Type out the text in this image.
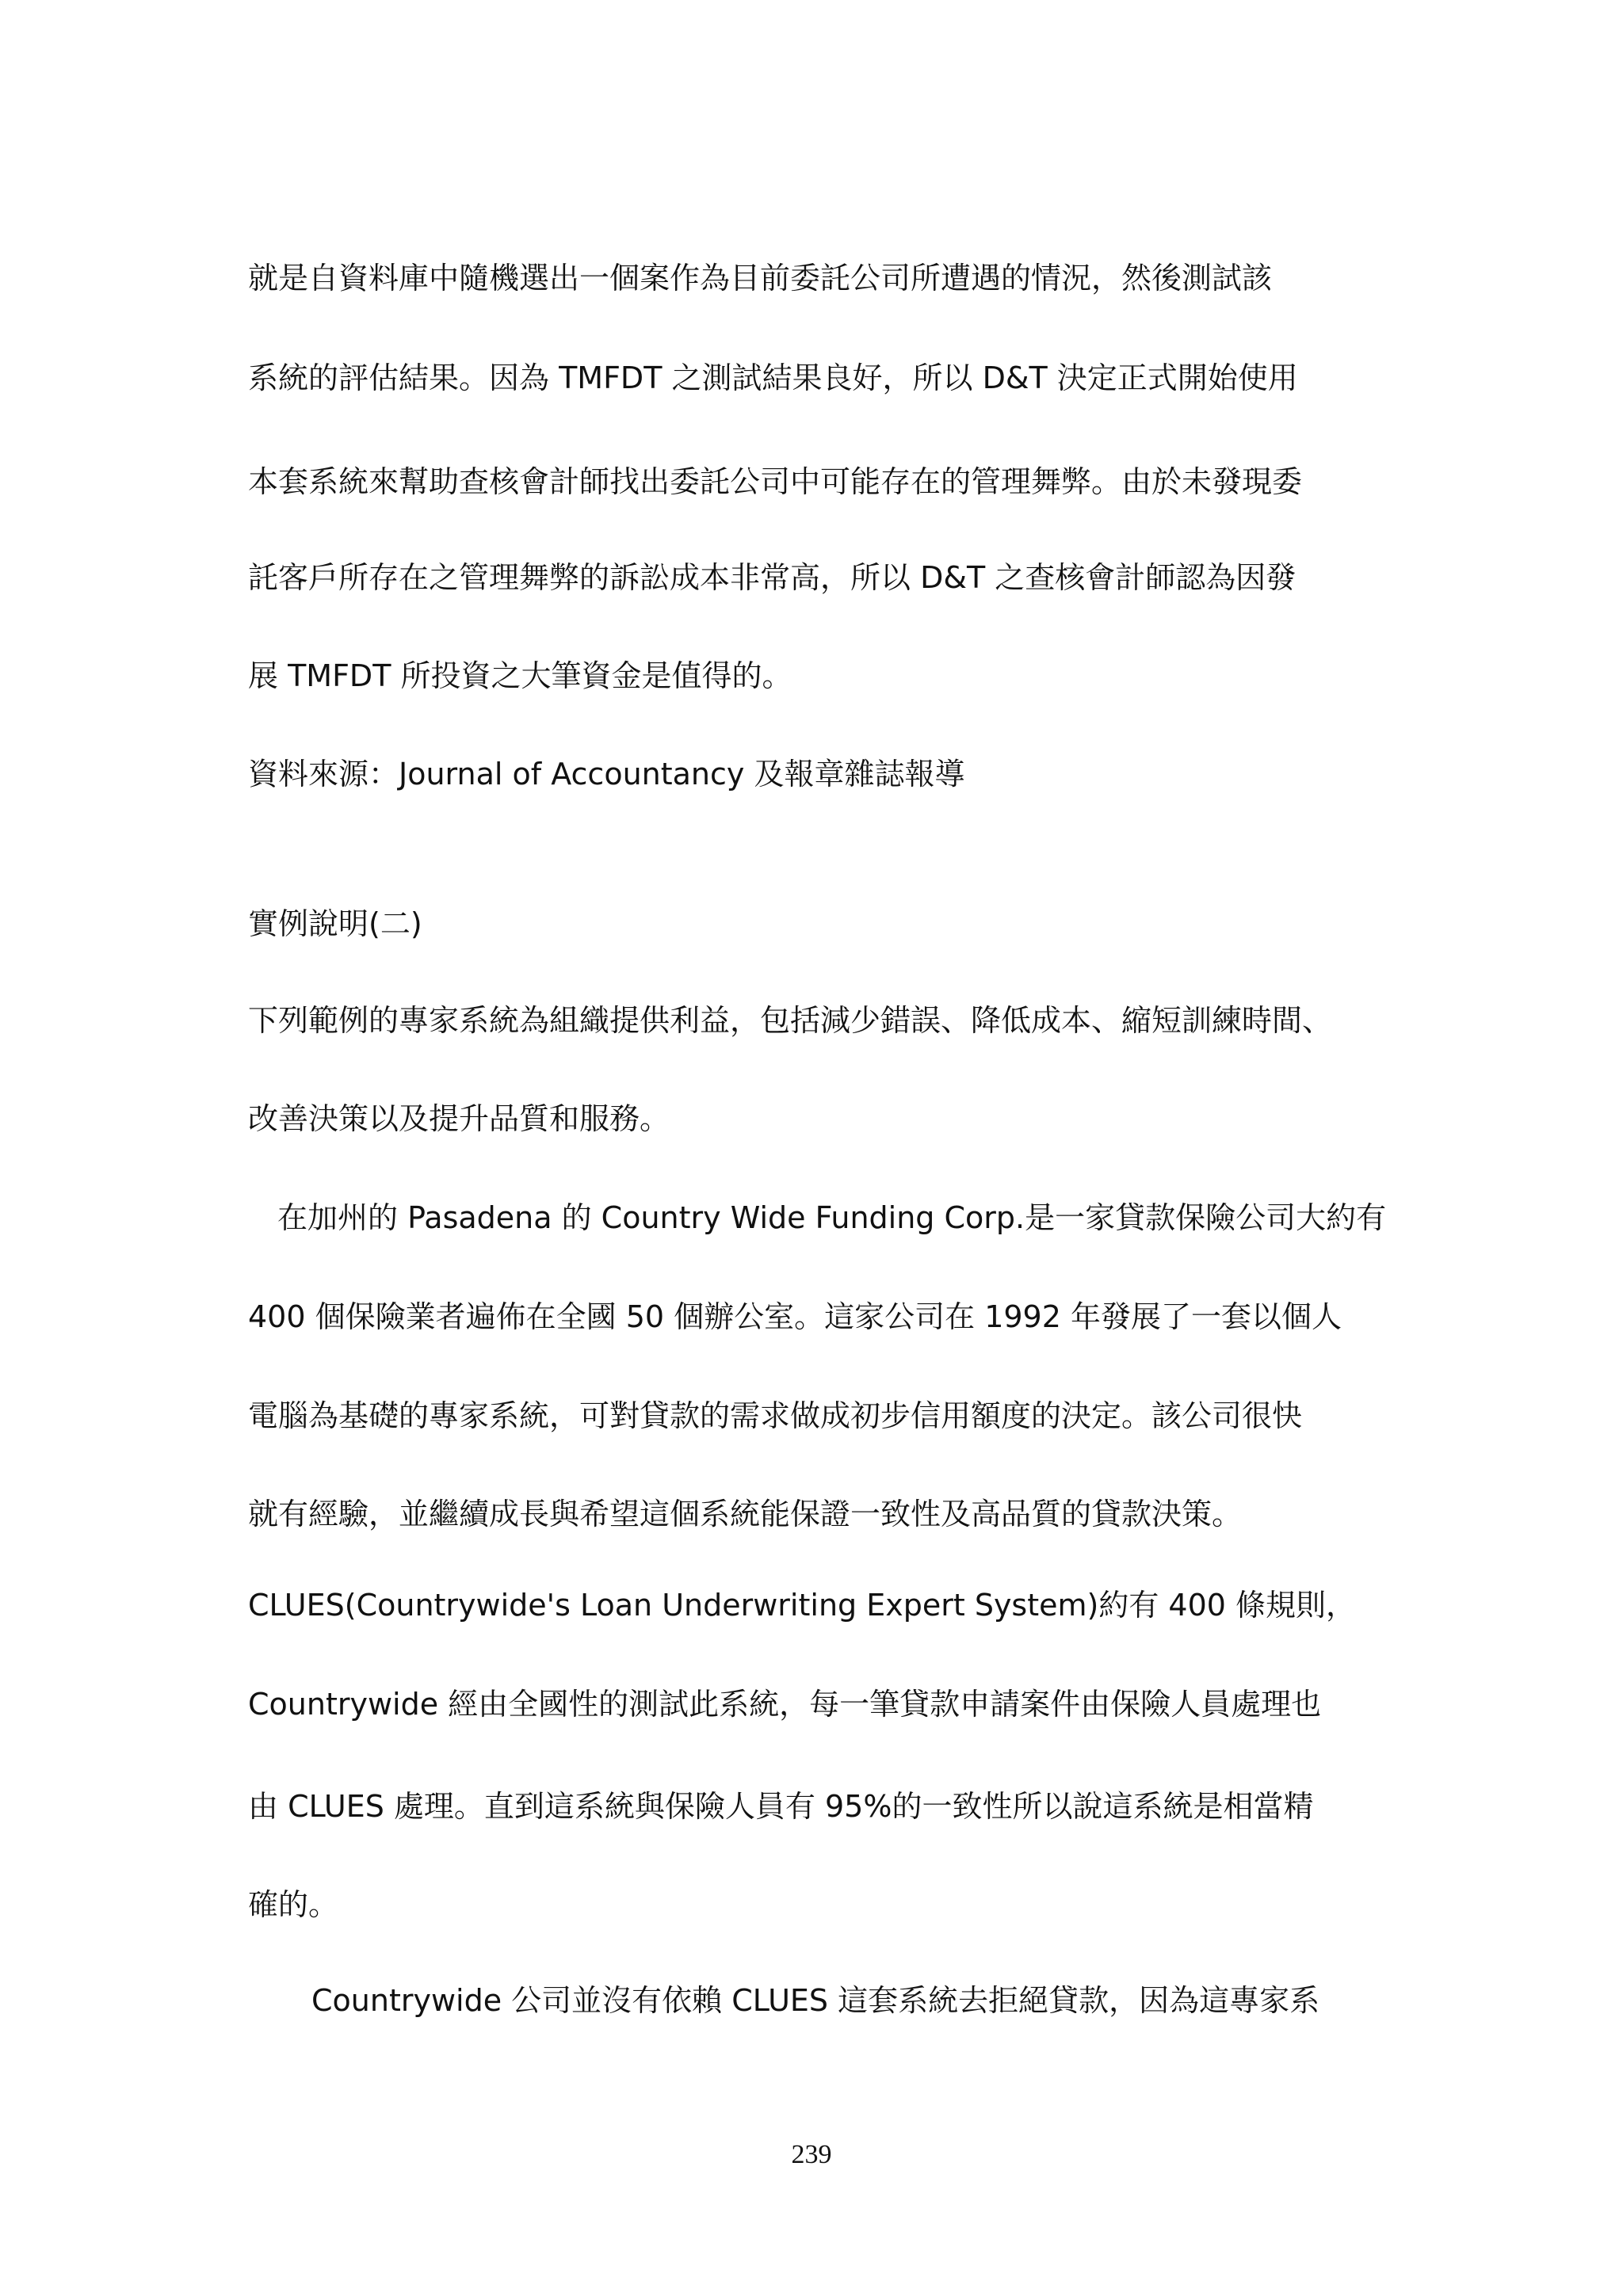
就是自資料庫中隨機選出一個案作為目前委託公司所遭遇的情況，然後測試該

系統的評估結果。因為 TMFDT 之測試結果良好，所以 D&T 決定正式開始使用

本套系統來幫助查核會計師找出委託公司中可能存在的管理舞弊。由於未發現委

託客戶所存在之管理舞弊的訴訟成本非常高，所以 D&T 之查核會計師認為因發

展 TMFDT 所投資之大筆資金是值得的。

資料來源：Journal of Accountancy 及報章雜誌報導

實例說明(二)

下列範例的專家系統為組織提供利益，包括減少錯誤、降低成本、縮短訓練時間、

改善決策以及提升品質和服務。

在加州的 Pasadena 的 Country Wide Funding Corp.是一家貸款保險公司大約有

400 個保險業者遍佈在全國 50 個辦公室。這家公司在 1992 年發展了一套以個人

電腦為基礎的專家系統，可對貸款的需求做成初步信用額度的決定。該公司很快

就有經驗，並繼續成長與希望這個系統能保證一致性及高品質的貸款決策。

CLUES(Countrywide's Loan Underwriting Expert System)約有 400 條規則，

Countrywide 經由全國性的測試此系統，每一筆貸款申請案件由保險人員處理也

由 CLUES 處理。直到這系統與保險人員有 95%的一致性所以說這系統是相當精

確的。

Countrywide 公司並沒有依賴 CLUES 這套系統去拒絕貸款，因為這專家系

239
